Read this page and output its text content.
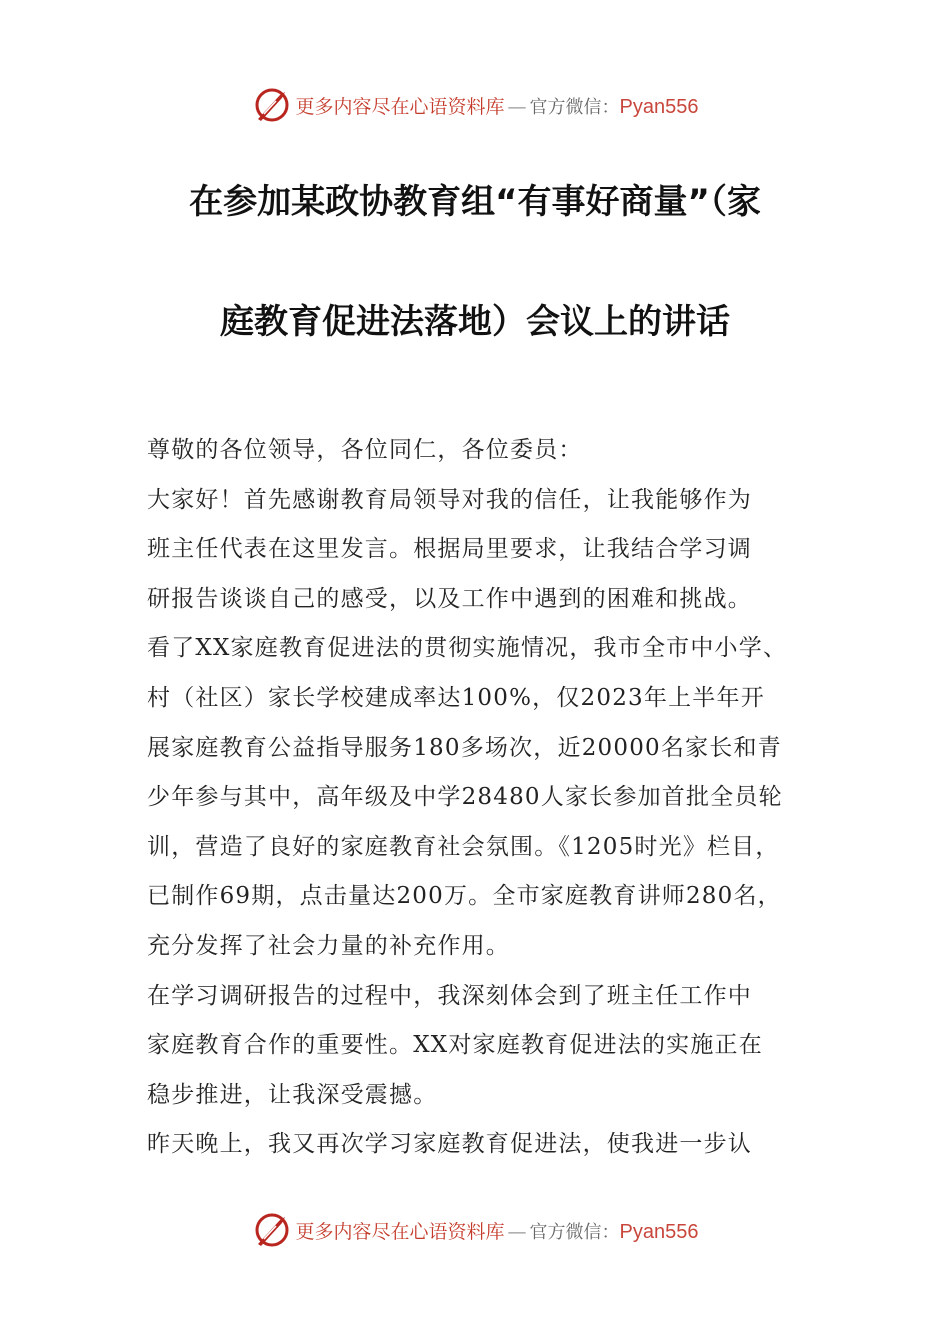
更多内容尽在心语资料库 — 官方微信：Pyan556
在参加某政协教育组“有事好商量”（家
庭教育促进法落地）会议上的讲话
尊敬的各位领导，各位同仁，各位委员：
大家好！首先感谢教育局领导对我的信任，让我能够作为
班主任代表在这里发言。根据局里要求，让我结合学习调
研报告谈谈自己的感受，以及工作中遇到的困难和挑战。
看了XX家庭教育促进法的贯彻实施情况，我市全市中小学、
村（社区）家长学校建成率达100%，仅2023年上半年开
展家庭教育公益指导服务180多场次，近20000名家长和青
少年参与其中，高年级及中学28480人家长参加首批全员轮
训，营造了良好的家庭教育社会氛围。《1205时光》栏目，
已制作69期，点击量达200万。全市家庭教育讲师280名，
充分发挥了社会力量的补充作用。
在学习调研报告的过程中，我深刻体会到了班主任工作中
家庭教育合作的重要性。XX对家庭教育促进法的实施正在
稳步推进，让我深受震撼。
昨天晚上，我又再次学习家庭教育促进法，使我进一步认
更多内容尽在心语资料库 — 官方微信：Pyan556
